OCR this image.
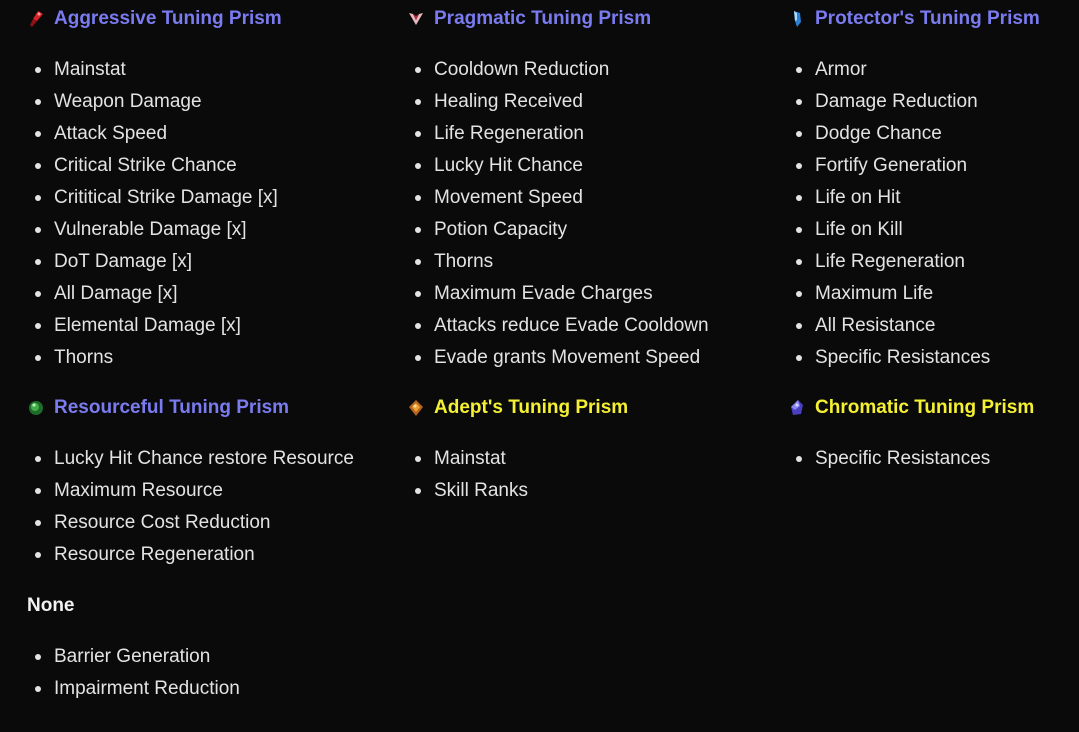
Aggressive Tuning Prism
Mainstat
Weapon Damage
Attack Speed
Critical Strike Chance
Crititical Strike Damage [x]
Vulnerable Damage [x]
DoT Damage [x]
All Damage [x]
Elemental Damage [x]
Thorns
Pragmatic Tuning Prism
Cooldown Reduction
Healing Received
Life Regeneration
Lucky Hit Chance
Movement Speed
Potion Capacity
Thorns
Maximum Evade Charges
Attacks reduce Evade Cooldown
Evade grants Movement Speed
Protector's Tuning Prism
Armor
Damage Reduction
Dodge Chance
Fortify Generation
Life on Hit
Life on Kill
Life Regeneration
Maximum Life
All Resistance
Specific Resistances
Resourceful Tuning Prism
Lucky Hit Chance restore Resource
Maximum Resource
Resource Cost Reduction
Resource Regeneration
Adept's Tuning Prism
Mainstat
Skill Ranks
Chromatic Tuning Prism
Specific Resistances
None
Barrier Generation
Impairment Reduction
